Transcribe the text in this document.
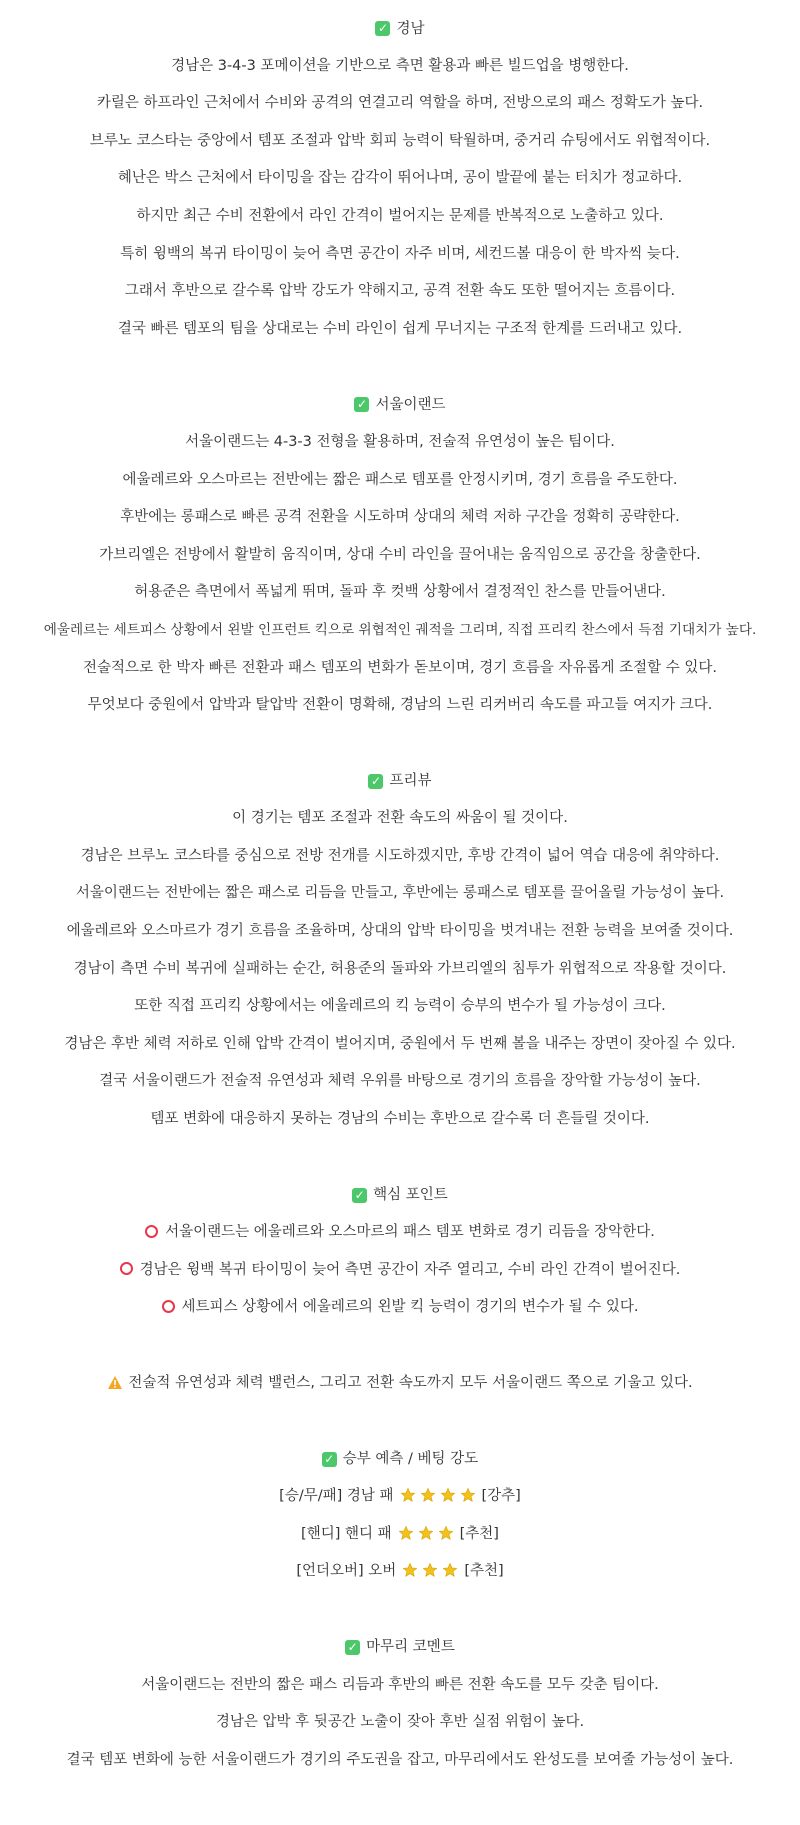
✓ 경남
경남은 3-4-3 포메이션을 기반으로 측면 활용과 빠른 빌드업을 병행한다.
카릴은 하프라인 근처에서 수비와 공격의 연결고리 역할을 하며, 전방으로의 패스 정확도가 높다.
브루노 코스타는 중앙에서 템포 조절과 압박 회피 능력이 탁월하며, 중거리 슈팅에서도 위협적이다.
혜난은 박스 근처에서 타이밍을 잡는 감각이 뛰어나며, 공이 발끝에 붙는 터치가 정교하다.
하지만 최근 수비 전환에서 라인 간격이 벌어지는 문제를 반복적으로 노출하고 있다.
특히 윙백의 복귀 타이밍이 늦어 측면 공간이 자주 비며, 세컨드볼 대응이 한 박자씩 늦다.
그래서 후반으로 갈수록 압박 강도가 약해지고, 공격 전환 속도 또한 떨어지는 흐름이다.
결국 빠른 템포의 팀을 상대로는 수비 라인이 쉽게 무너지는 구조적 한계를 드러내고 있다.
✓ 서울이랜드
서울이랜드는 4-3-3 전형을 활용하며, 전술적 유연성이 높은 팀이다.
에울레르와 오스마르는 전반에는 짧은 패스로 템포를 안정시키며, 경기 흐름을 주도한다.
후반에는 롱패스로 빠른 공격 전환을 시도하며 상대의 체력 저하 구간을 정확히 공략한다.
가브리엘은 전방에서 활발히 움직이며, 상대 수비 라인을 끌어내는 움직임으로 공간을 창출한다.
허용준은 측면에서 폭넓게 뛰며, 돌파 후 컷백 상황에서 결정적인 찬스를 만들어낸다.
에울레르는 세트피스 상황에서 왼발 인프런트 킥으로 위협적인 궤적을 그리며, 직접 프리킥 찬스에서 득점 기대치가 높다.
전술적으로 한 박자 빠른 전환과 패스 템포의 변화가 돋보이며, 경기 흐름을 자유롭게 조절할 수 있다.
무엇보다 중원에서 압박과 탈압박 전환이 명확해, 경남의 느린 리커버리 속도를 파고들 여지가 크다.
✓ 프리뷰
이 경기는 템포 조절과 전환 속도의 싸움이 될 것이다.
경남은 브루노 코스타를 중심으로 전방 전개를 시도하겠지만, 후방 간격이 넓어 역습 대응에 취약하다.
서울이랜드는 전반에는 짧은 패스로 리듬을 만들고, 후반에는 롱패스로 템포를 끌어올릴 가능성이 높다.
에울레르와 오스마르가 경기 흐름을 조율하며, 상대의 압박 타이밍을 벗겨내는 전환 능력을 보여줄 것이다.
경남이 측면 수비 복귀에 실패하는 순간, 허용준의 돌파와 가브리엘의 침투가 위협적으로 작용할 것이다.
또한 직접 프리킥 상황에서는 에울레르의 킥 능력이 승부의 변수가 될 가능성이 크다.
경남은 후반 체력 저하로 인해 압박 간격이 벌어지며, 중원에서 두 번째 볼을 내주는 장면이 잦아질 수 있다.
결국 서울이랜드가 전술적 유연성과 체력 우위를 바탕으로 경기의 흐름을 장악할 가능성이 높다.
템포 변화에 대응하지 못하는 경남의 수비는 후반으로 갈수록 더 흔들릴 것이다.
✓ 핵심 포인트
서울이랜드는 에울레르와 오스마르의 패스 템포 변화로 경기 리듬을 장악한다.
경남은 윙백 복귀 타이밍이 늦어 측면 공간이 자주 열리고, 수비 라인 간격이 벌어진다.
세트피스 상황에서 에울레르의 왼발 킥 능력이 경기의 변수가 될 수 있다.
전술적 유연성과 체력 밸런스, 그리고 전환 속도까지 모두 서울이랜드 쪽으로 기울고 있다.
✓ 승부 예측 / 베팅 강도
[승/무/패] 경남 패	[강추]
[핸디] 핸디 패	[추천]
[언더오버] 오버	[추천]
✓ 마무리 코멘트
서울이랜드는 전반의 짧은 패스 리듬과 후반의 빠른 전환 속도를 모두 갖춘 팀이다.
경남은 압박 후 뒷공간 노출이 잦아 후반 실점 위험이 높다.
결국 템포 변화에 능한 서울이랜드가 경기의 주도권을 잡고, 마무리에서도 완성도를 보여줄 가능성이 높다.
